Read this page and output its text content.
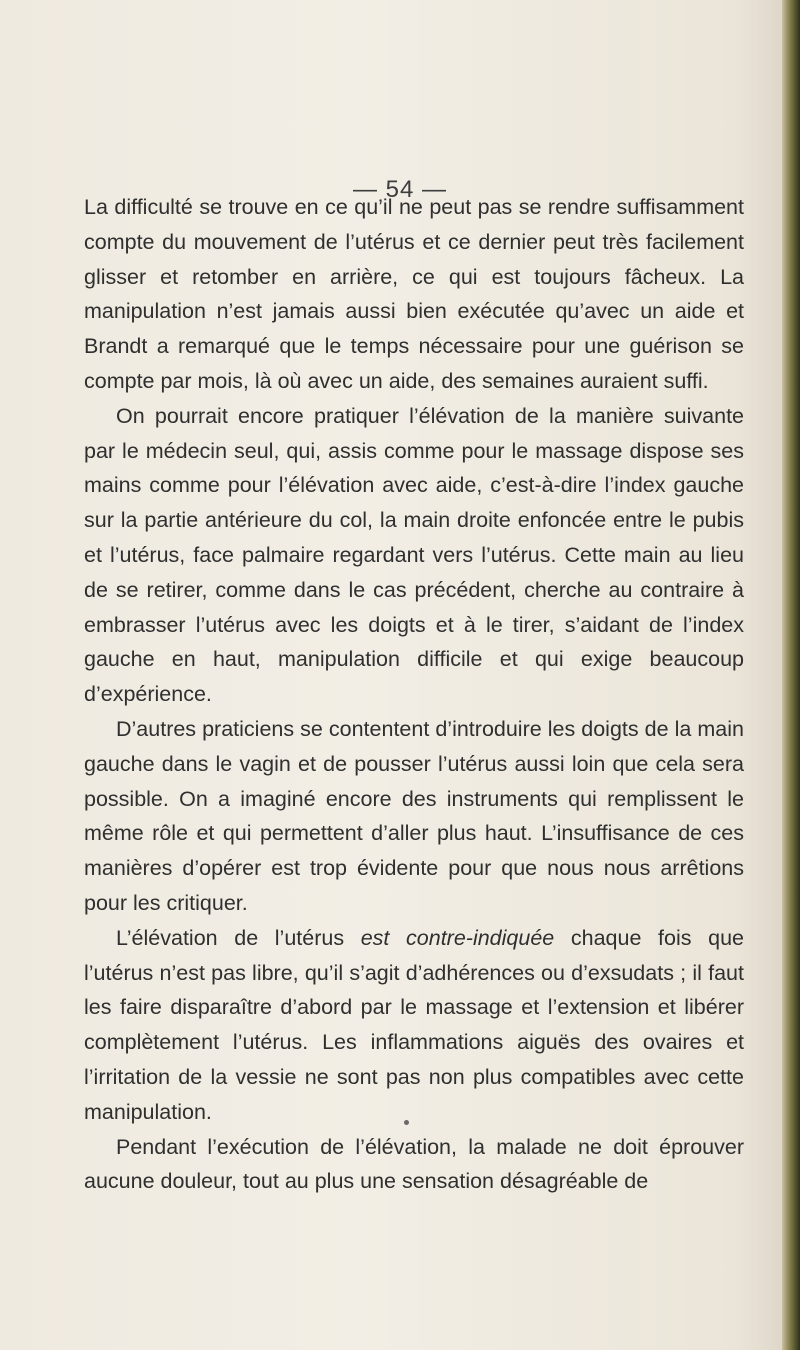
— 54 —

La difficulté se trouve en ce qu’il ne peut pas se rendre suffisamment compte du mouvement de l’utérus et ce dernier peut très facilement glisser et retomber en arrière, ce qui est toujours fâcheux. La manipulation n’est jamais aussi bien exécutée qu’avec un aide et Brandt a remarqué que le temps nécessaire pour une guérison se compte par mois, là où avec un aide, des semaines auraient suffi.

On pourrait encore pratiquer l’élévation de la manière suivante par le médecin seul, qui, assis comme pour le massage dispose ses mains comme pour l’élévation avec aide, c’est-à-dire l’index gauche sur la partie antérieure du col, la main droite enfoncée entre le pubis et l’utérus, face palmaire regardant vers l’utérus. Cette main au lieu de se retirer, comme dans le cas précédent, cherche au contraire à embrasser l’utérus avec les doigts et à le tirer, s’aidant de l’index gauche en haut, manipulation difficile et qui exige beaucoup d’expérience.

D’autres praticiens se contentent d’introduire les doigts de la main gauche dans le vagin et de pousser l’utérus aussi loin que cela sera possible. On a imaginé encore des instruments qui remplissent le même rôle et qui permettent d’aller plus haut. L’insuffisance de ces manières d’opérer est trop évidente pour que nous nous arrêtions pour les critiquer.

L’élévation de l’utérus est contre-indiquée chaque fois que l’utérus n’est pas libre, qu’il s’agit d’adhérences ou d’exsudats ; il faut les faire disparaître d’abord par le massage et l’extension et libérer complètement l’utérus. Les inflammations aiguës des ovaires et l’irritation de la vessie ne sont pas non plus compatibles avec cette manipulation.

Pendant l’exécution de l’élévation, la malade ne doit éprouver aucune douleur, tout au plus une sensation désagréable de
